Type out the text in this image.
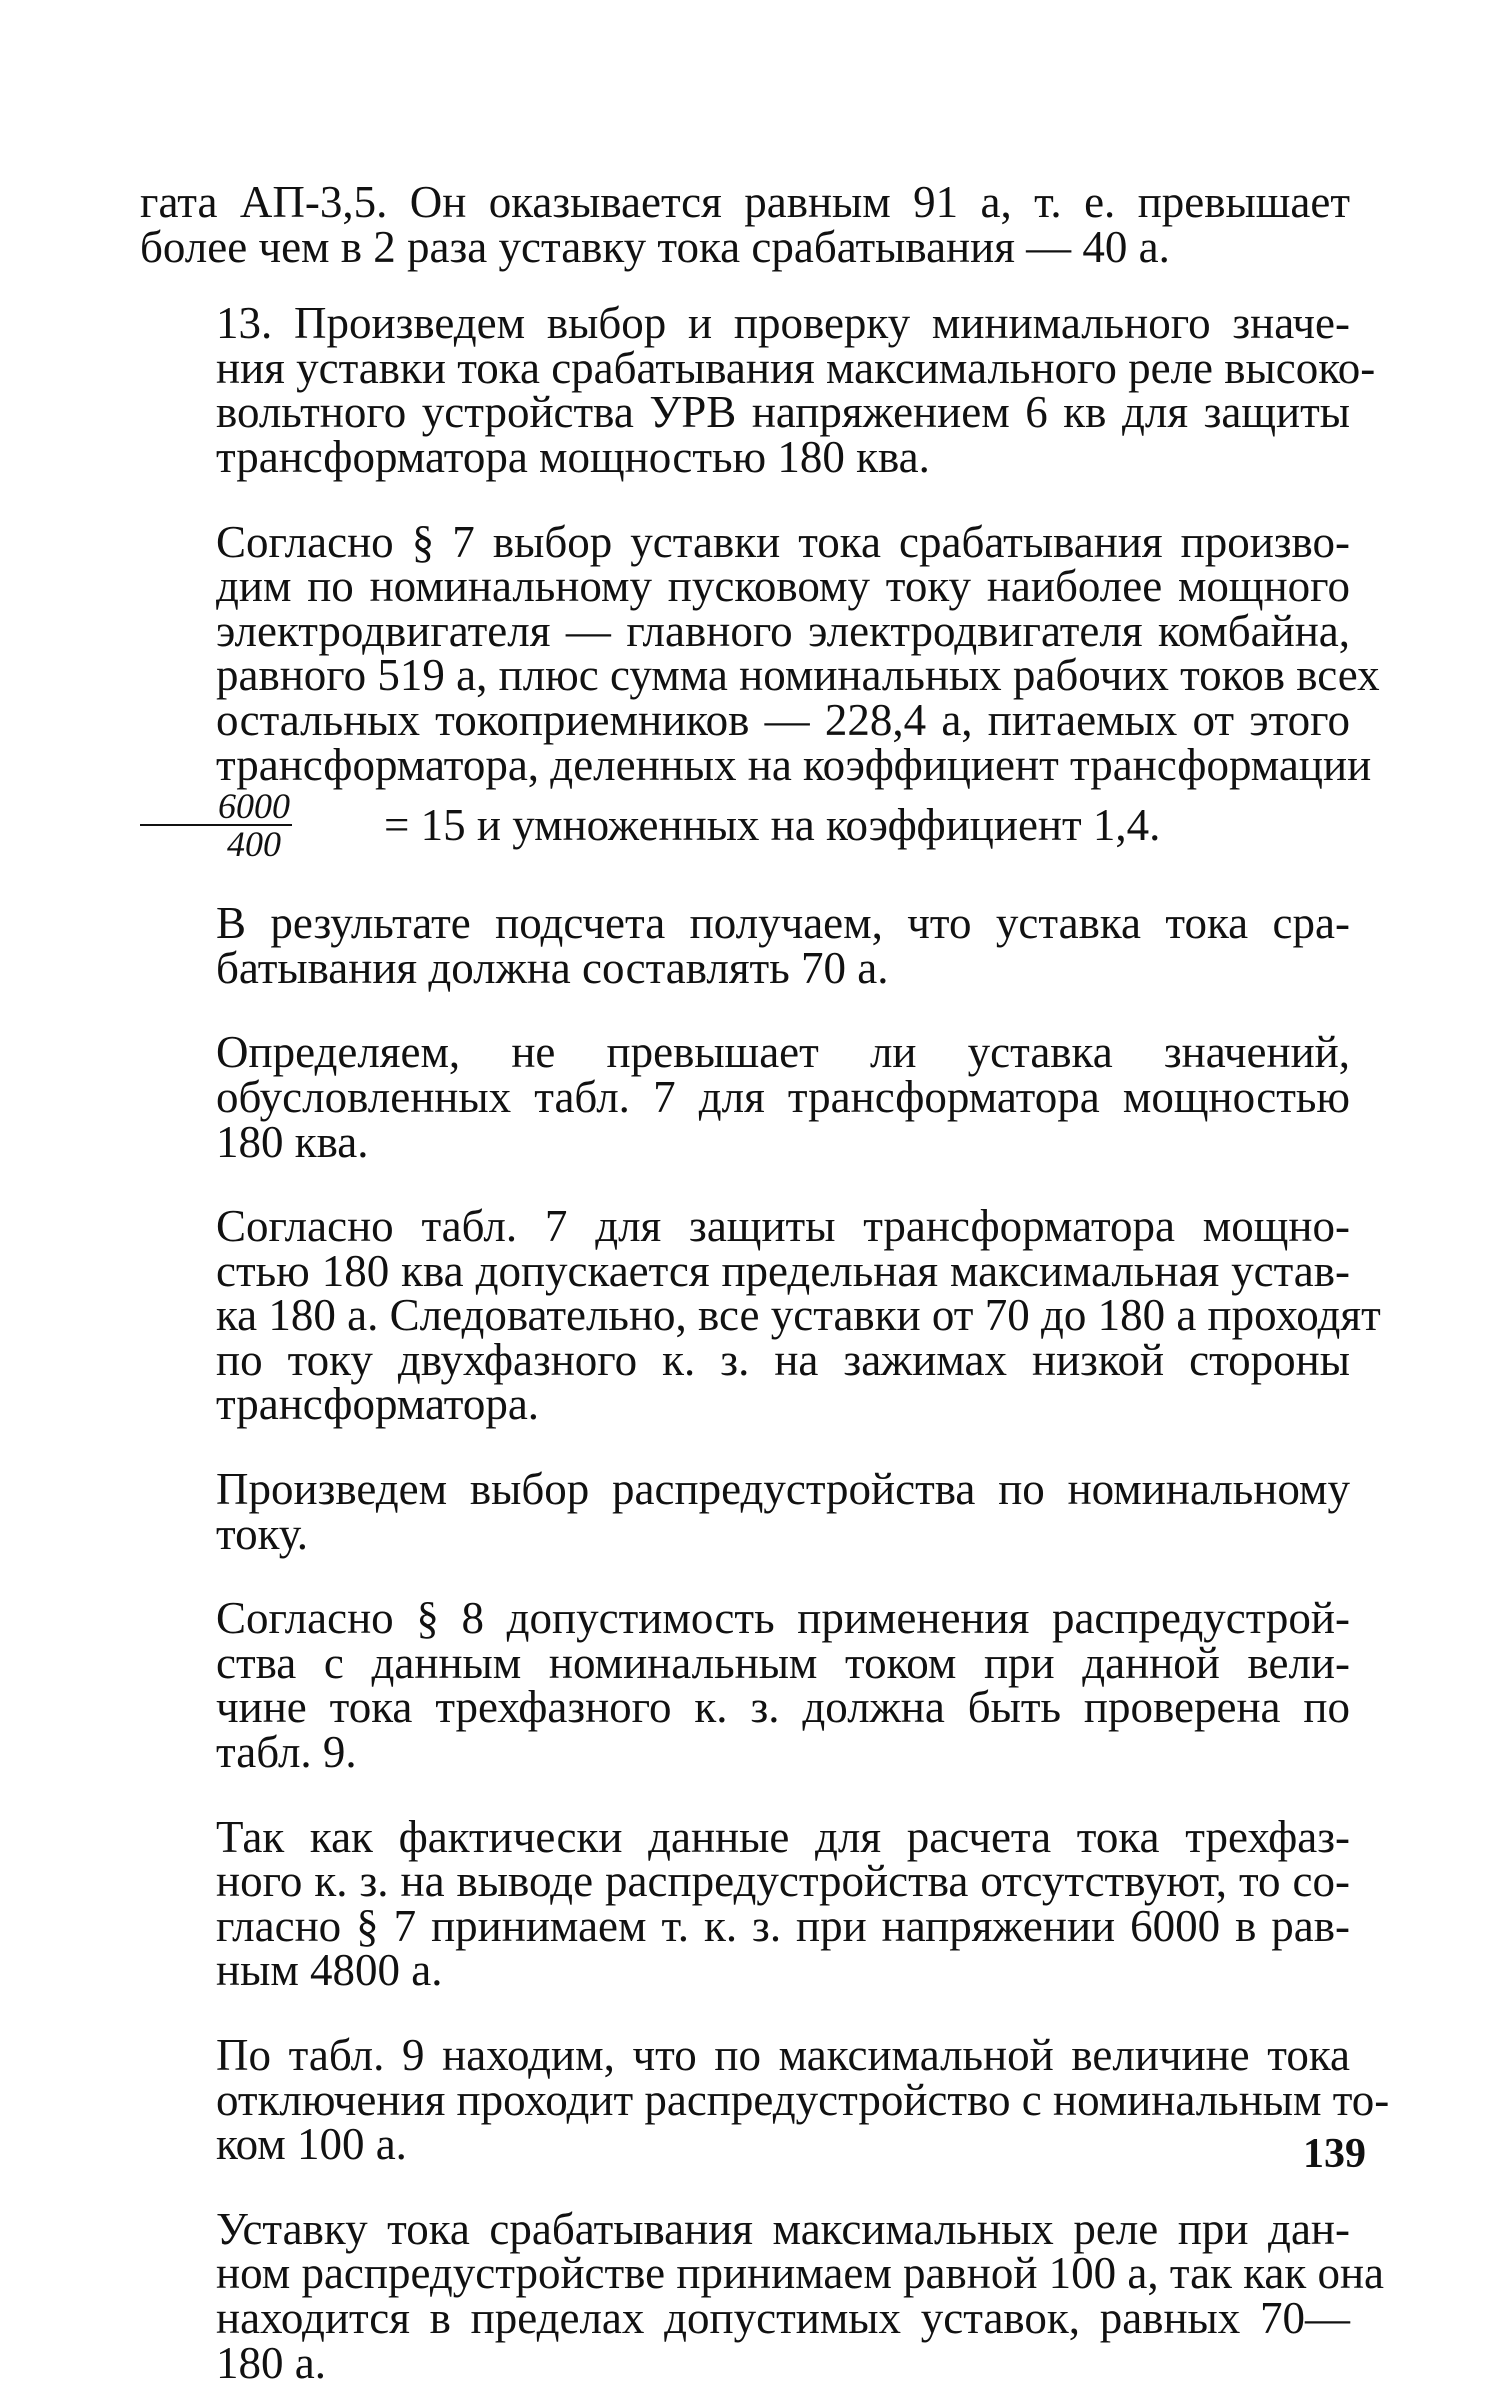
гата АП-3,5. Он оказывается равным 91 а, т. е. превышает
более чем в 2 раза уставку тока срабатывания — 40 а.

13. Произведем выбор и проверку минимального значе-
ния уставки тока срабатывания максимального реле высоко-
вольтного устройства УРВ напряжением 6 кв для защиты
трансформатора мощностью 180 ква.

Согласно § 7 выбор уставки тока срабатывания произво-
дим по номинальному пусковому току наиболее мощного
электродвигателя — главного электродвигателя комбайна,
равного 519 а, плюс сумма номинальных рабочих токов всех
остальных токоприемников — 228,4 а, питаемых от этого
трансформатора, деленных на коэффициент трансформации
$\frac{6000}{400}$	= 15 и умноженных на коэффициент 1,4.

В результате подсчета получаем, что уставка тока сра-
батывания должна составлять 70 а.

Определяем, не превышает ли уставка значений,
обусловленных табл. 7 для трансформатора мощностью
180 ква.

Согласно табл. 7 для защиты трансформатора мощно-
стью 180 ква допускается предельная максимальная устав-
ка 180 а. Следовательно, все уставки от 70 до 180 а проходят
по току двухфазного к. з. на зажимах низкой стороны
трансформатора.

Произведем выбор распредустройства по номинальному
току.

Согласно § 8 допустимость применения распредустрой-
ства с данным номинальным током при данной вели-
чине тока трехфазного к. з. должна быть проверена по
табл. 9.

Так как фактически данные для расчета тока трехфаз-
ного к. з. на выводе распредустройства отсутствуют, то со-
гласно § 7 принимаем т. к. з. при напряжении 6000 в рав-
ным 4800 а.

По табл. 9 находим, что по максимальной величине тока
отключения проходит распредустройство с номинальным то-
ком 100 а.

Уставку тока срабатывания максимальных реле при дан-
ном распредустройстве принимаем равной 100 а, так как она
находится в пределах допустимых уставок, равных 70—
180 а.

139
